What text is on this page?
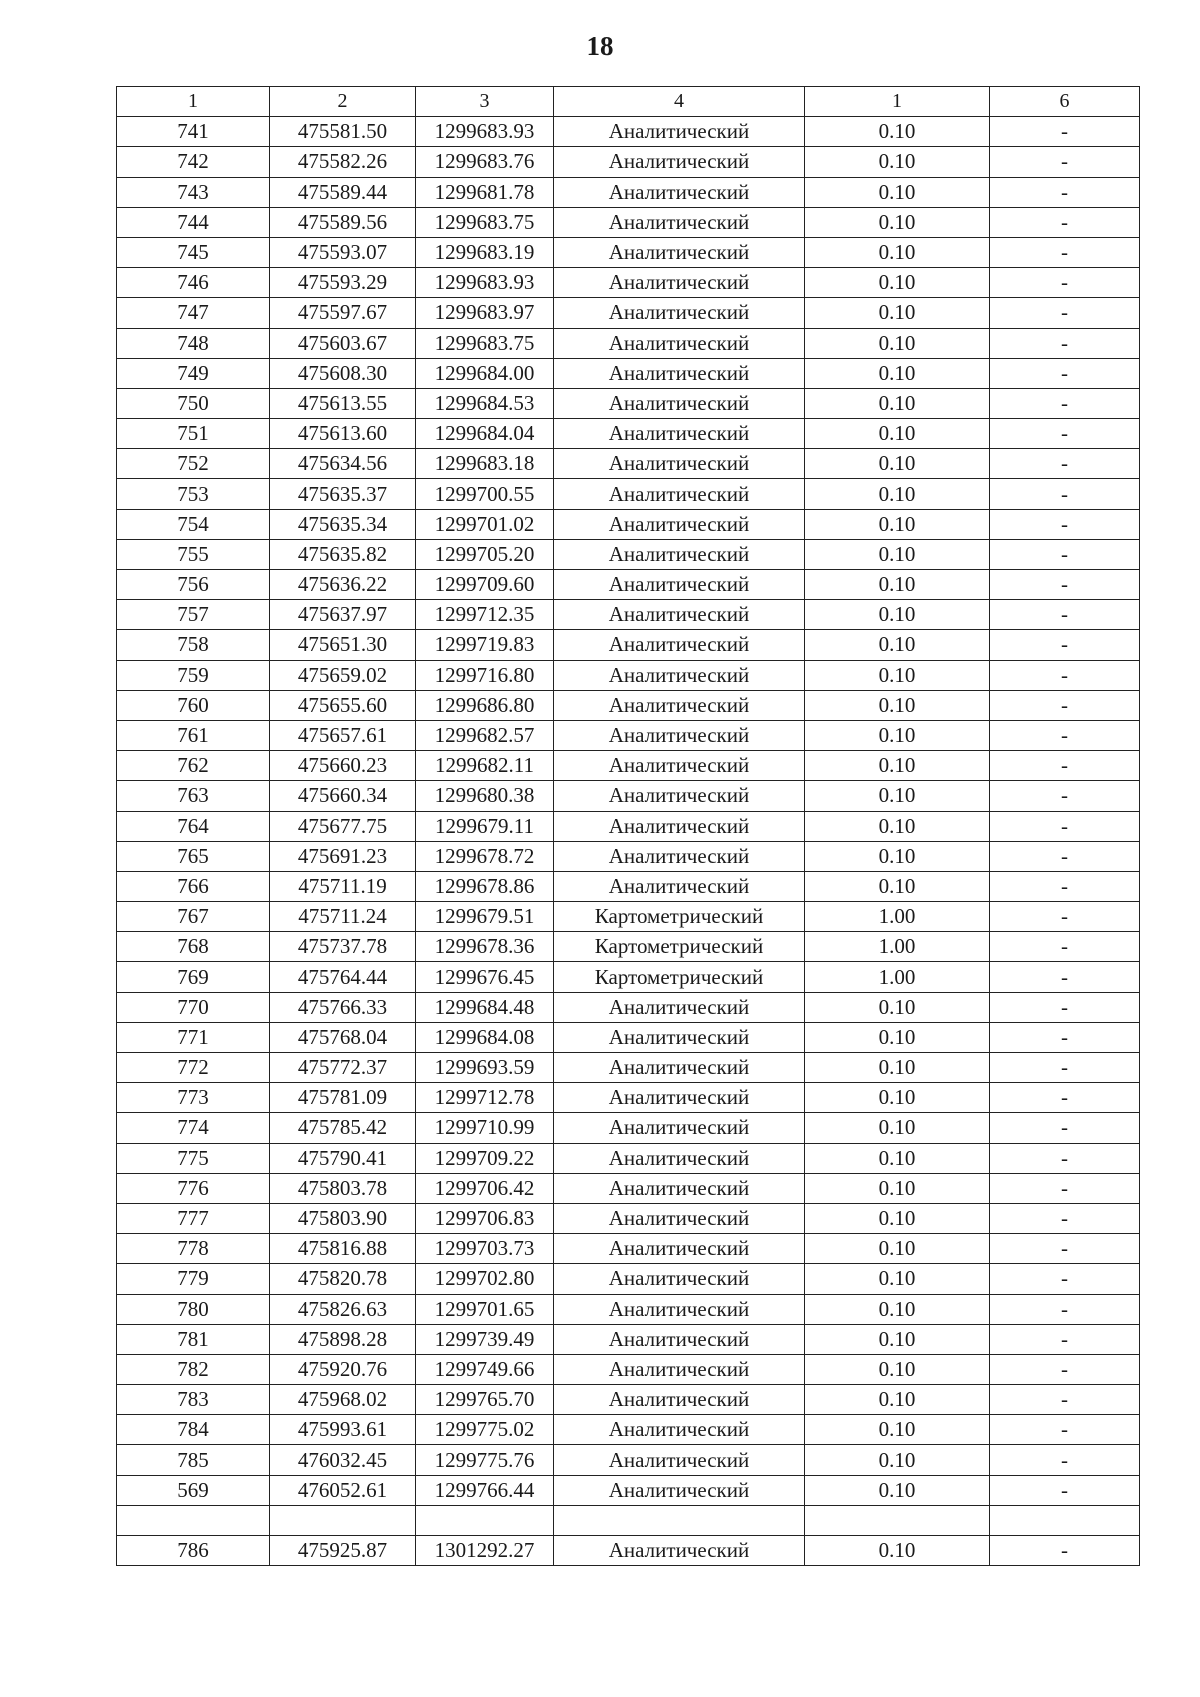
18
1	2	3	4	1	6
741	475581.50	1299683.93	Аналитический	0.10	-
742	475582.26	1299683.76	Аналитический	0.10	-
743	475589.44	1299681.78	Аналитический	0.10	-
744	475589.56	1299683.75	Аналитический	0.10	-
745	475593.07	1299683.19	Аналитический	0.10	-
746	475593.29	1299683.93	Аналитический	0.10	-
747	475597.67	1299683.97	Аналитический	0.10	-
748	475603.67	1299683.75	Аналитический	0.10	-
749	475608.30	1299684.00	Аналитический	0.10	-
750	475613.55	1299684.53	Аналитический	0.10	-
751	475613.60	1299684.04	Аналитический	0.10	-
752	475634.56	1299683.18	Аналитический	0.10	-
753	475635.37	1299700.55	Аналитический	0.10	-
754	475635.34	1299701.02	Аналитический	0.10	-
755	475635.82	1299705.20	Аналитический	0.10	-
756	475636.22	1299709.60	Аналитический	0.10	-
757	475637.97	1299712.35	Аналитический	0.10	-
758	475651.30	1299719.83	Аналитический	0.10	-
759	475659.02	1299716.80	Аналитический	0.10	-
760	475655.60	1299686.80	Аналитический	0.10	-
761	475657.61	1299682.57	Аналитический	0.10	-
762	475660.23	1299682.11	Аналитический	0.10	-
763	475660.34	1299680.38	Аналитический	0.10	-
764	475677.75	1299679.11	Аналитический	0.10	-
765	475691.23	1299678.72	Аналитический	0.10	-
766	475711.19	1299678.86	Аналитический	0.10	-
767	475711.24	1299679.51	Картометрический	1.00	-
768	475737.78	1299678.36	Картометрический	1.00	-
769	475764.44	1299676.45	Картометрический	1.00	-
770	475766.33	1299684.48	Аналитический	0.10	-
771	475768.04	1299684.08	Аналитический	0.10	-
772	475772.37	1299693.59	Аналитический	0.10	-
773	475781.09	1299712.78	Аналитический	0.10	-
774	475785.42	1299710.99	Аналитический	0.10	-
775	475790.41	1299709.22	Аналитический	0.10	-
776	475803.78	1299706.42	Аналитический	0.10	-
777	475803.90	1299706.83	Аналитический	0.10	-
778	475816.88	1299703.73	Аналитический	0.10	-
779	475820.78	1299702.80	Аналитический	0.10	-
780	475826.63	1299701.65	Аналитический	0.10	-
781	475898.28	1299739.49	Аналитический	0.10	-
782	475920.76	1299749.66	Аналитический	0.10	-
783	475968.02	1299765.70	Аналитический	0.10	-
784	475993.61	1299775.02	Аналитический	0.10	-
785	476032.45	1299775.76	Аналитический	0.10	-
569	476052.61	1299766.44	Аналитический	0.10	-

786	475925.87	1301292.27	Аналитический	0.10	-
